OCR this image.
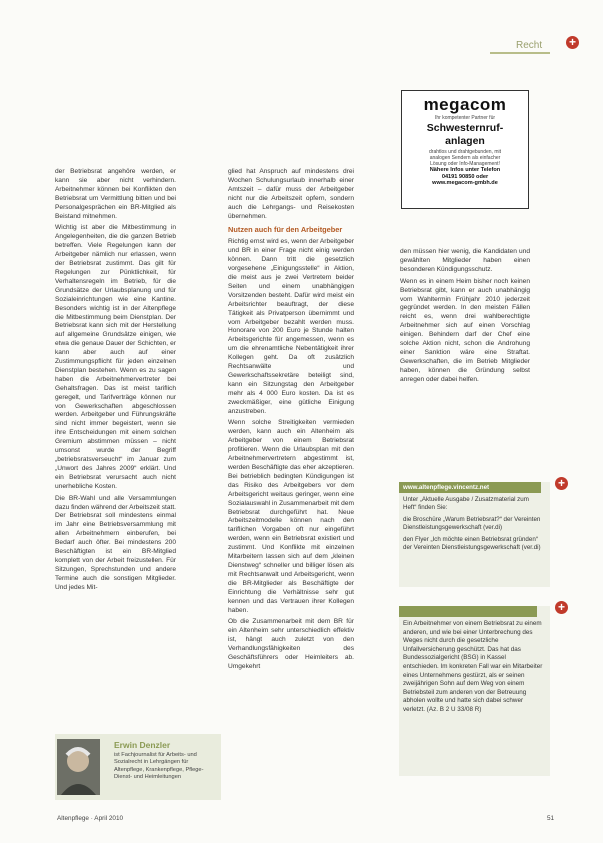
Recht +
megacom
Ihr kompetenter Partner für
Schwesternruf-
anlagen
drahtlos und drahtgebunden, mit
analogen Sendern als einfacher
Lösung oder Info-Management!
Nähere Infos unter Telefon
04191 90850 oder
www.megacom-gmbh.de

der Betriebsrat angehöre werden, er kann sie aber nicht verhindern. Arbeitnehmer können bei Konflikten den Betriebsrat um Vermittlung bitten und bei Personalgesprächen ein BR-Mitglied als Beistand mitnehmen.

Wichtig ist aber die Mitbestimmung in Angelegenheiten, die die ganzen Betrieb betreffen. Viele Regelungen kann der Arbeitgeber nämlich nur erlassen, wenn der Betriebsrat zustimmt. Das gilt für Regelungen zur Pünktlichkeit, für Verhaltensregeln im Betrieb, für die Grundsätze der Urlaubsplanung und für Sozialeinrichtungen wie eine Kantine. Besonders wichtig ist in der Altenpflege die Mitbestimmung beim Dienstplan. Der Betriebsrat kann sich mit der Herstellung auf allgemeine Grundsätze einigen, wie etwa die genaue Dauer der Schichten, er kann aber auch auf einer Zustimmungspflicht für jeden einzelnen Dienstplan bestehen. Wenn es zu sagen haben die Arbeitnehmervertreter bei Gehaltsfragen. Das ist meist tariflich geregelt, und Tarifverträge können nur von Gewerkschaften abgeschlossen werden. Arbeitgeber und Führungskräfte sind nicht immer begeistert, wenn sie ihre Entscheidungen mit einem solchen Gremium abstimmen müssen – nicht umsonst wurde der Begriff „betriebsratsverseucht“ im Januar zum „Unwort des Jahres 2009“ erklärt. Und ein Betriebsrat verursacht auch nicht unerhebliche Kosten.

Die BR-Wahl und alle Versammlungen dazu finden während der Arbeitszeit statt. Der Betriebsrat soll mindestens einmal im Jahr eine Betriebsversammlung mit allen Arbeitnehmern einberufen, bei Bedarf auch öfter. Bei mindestens 200 Beschäftigten ist ein BR-Mitglied komplett von der Arbeit freizustellen. Für Sitzungen, Sprechstunden und andere Termine auch die sonstigen Mitglieder. Und jedes Mit-

glied hat Anspruch auf mindestens drei Wochen Schulungsurlaub innerhalb einer Amtszeit – dafür muss der Arbeitgeber nicht nur die Arbeitszeit opfern, sondern auch die Lehrgangs- und Reisekosten übernehmen.

Nutzen auch für den Arbeitgeber

Richtig ernst wird es, wenn der Arbeitgeber und BR in einer Frage nicht einig werden können. Dann tritt die gesetzlich vorgesehene „Einigungsstelle“ in Aktion, die meist aus je zwei Vertretern beider Seiten und einem unabhängigen Vorsitzenden besteht. Dafür wird meist ein Arbeitsrichter beauftragt, der diese Tätigkeit als Privatperson übernimmt und vom Arbeitgeber bezahlt werden muss. Honorare von 200 Euro je Stunde halten Arbeitsgerichte für angemessen, wenn es um die ehrenamtliche Nebentätigkeit ihrer Kollegen geht. Da oft zusätzlich Rechtsanwälte und Gewerkschaftssekretäre beteiligt sind, kann ein Sitzungstag den Arbeitgeber mehr als 4 000 Euro kosten. Da ist es zweckmäßiger, eine gütliche Einigung anzustreben.

Wenn solche Streitigkeiten vermieden werden, kann auch ein Altenheim als Arbeitgeber von einem Betriebsrat profitieren. Wenn die Urlaubsplan mit den Arbeitnehmervertretern abgestimmt ist, werden Beschäftigte das eher akzeptieren. Bei betrieblich bedingten Kündigungen ist das Risiko des Arbeitgebers vor dem Arbeitsgericht weitaus geringer, wenn eine Sozialauswahl in Zusammenarbeit mit dem Betriebsrat durchgeführt hat. Neue Arbeitszeitmodelle können nach den tariflichen Vorgaben oft nur eingeführt werden, wenn ein Betriebsrat existiert und zustimmt. Und Konflikte mit einzelnen Mitarbeitern lassen sich auf dem „kleinen Dienstweg“ schneller und billiger lösen als mit Rechtsanwalt und Arbeitsgericht, wenn die BR-Mitglieder als Beschäftigte der Einrichtung die Verhältnisse sehr gut kennen und das Vertrauen ihrer Kollegen haben.

Ob die Zusammenarbeit mit dem BR für ein Altenheim sehr unterschiedlich effektiv ist, hängt auch zuletzt von den Verhandlungsfähigkeiten des Geschäftsführers oder Heimleiters ab. Umgekehrt

den müssen hier wenig, die Kandidaten und gewählten Mitglieder haben einen besonderen Kündigungsschutz.

Wenn es in einem Heim bisher noch keinen Betriebsrat gibt, kann er auch unabhängig vom Wahltermin Frühjahr 2010 jederzeit gegründet werden. In den meisten Fällen reicht es, wenn drei wahlberechtigte Arbeitnehmer sich auf einen Vorschlag einigen. Behindern darf der Chef eine solche Aktion nicht, schon die Androhung einer Sanktion wäre eine Straftat. Gewerkschaften, die im Betrieb Mitglieder haben, können die Gründung selbst anregen oder dabei helfen.

www.altenpflege.vincentz.net

Unter „Aktuelle Ausgabe / Zusatzmaterial zum Heft“ finden Sie:

die Broschüre „Warum Betriebsrat?“ der Vereinten Dienstleistungsgewerkschaft (ver.di)

den Flyer „Ich möchte einen Betriebsrat gründen“ der Vereinten Dienstleistungsgewerkschaft (ver.di)

+
Ein Arbeitnehmer von einem Betriebsrat zu einem anderen, und wie bei einer Unterbrechung des Weges nicht durch die gesetzliche Unfallversicherung geschützt. Das hat das Bundessozialgericht (BSG) in Kassel entschieden. Im konkreten Fall war ein Mitarbeiter eines Unternehmens gestürzt, als er seinen zweijährigen Sohn auf dem Weg von einem Betriebsteil zum anderen von der Betreuung abholen wollte und hatte sich dabei schwer verletzt. (Az. B 2 U 33/08 R)
+
Erwin Denzler
ist Fachjournalist für Arbeits- und Sozialrecht in Lehrgängen für Altenpflege, Krankenpflege, Pflege-Dienst- und Heimleitungen
Altenpflege · April 2010	51
